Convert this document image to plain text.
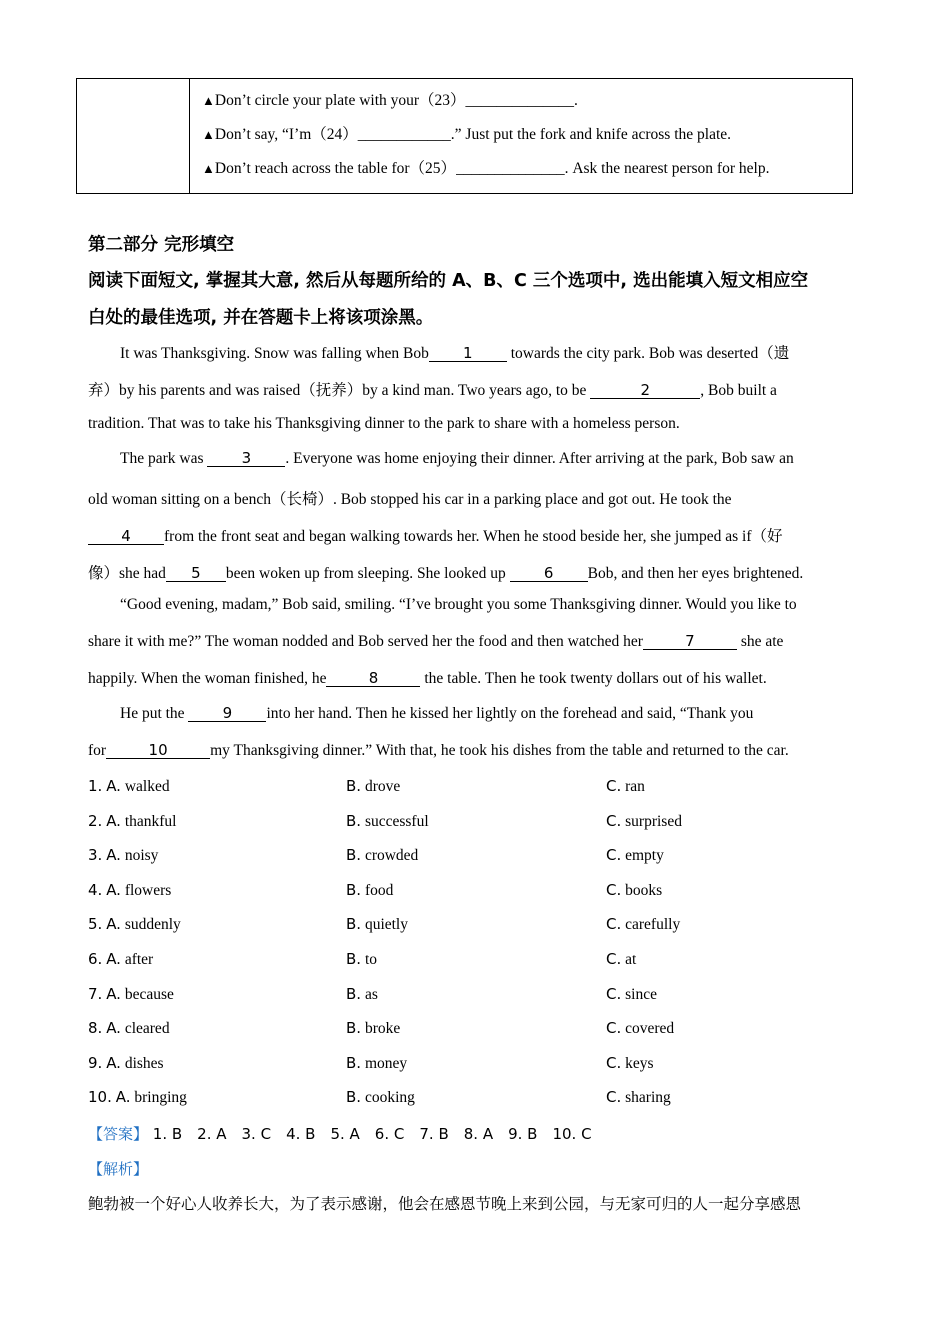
▲Don’t circle your plate with your（23）______________.
▲Don’t say, “I’m（24）____________.” Just put the fork and knife across the plate.
▲Don’t reach across the table for（25）______________. Ask the nearest person for help.
第二部分 完形填空
阅读下面短文, 掌握其大意, 然后从每题所给的 A、B、C 三个选项中, 选出能填入短文相应空
白处的最佳选项, 并在答题卡上将该项涂黑。
It was Thanksgiving. Snow was falling when Bob 1 towards the city park. Bob was deserted（遗
弃）by his parents and was raised（抚养）by a kind man. Two years ago, to be	2	, Bob built a
tradition. That was to take his Thanksgiving dinner to the park to share with a homeless person.
The park was 3 . Everyone was home enjoying their dinner. After arriving at the park, Bob saw an
old woman sitting on a bench（长椅）. Bob stopped his car in a parking place and got out. He took the
4 from the front seat and began walking towards her. When he stood beside her, she jumped as if（好
像）she had 5 been woken up from sleeping. She looked up 6 Bob, and then her eyes brightened.
“Good evening, madam,” Bob said, smiling. “I’ve brought you some Thanksgiving dinner. Would you like to
share it with me?” The woman nodded and Bob served her the food and then watched her	7	she ate
happily. When the woman finished, he	8	the table. Then he took twenty dollars out of his wallet.
He put the 9 into her hand. Then he kissed her lightly on the forehead and said, “Thank you
for	10	my Thanksgiving dinner.” With that, he took his dishes from the table and returned to the car.
1. A. walked	B. drove	C. ran
2. A. thankful	B. successful	C. surprised
3. A. noisy	B. crowded	C. empty
4. A. flowers	B. food	C. books
5. A. suddenly	B. quietly	C. carefully
6. A. after	B. to	C. at
7. A. because	B. as	C. since
8. A. cleared	B. broke	C. covered
9. A. dishes	B. money	C. keys
10. A. bringing	B. cooking	C. sharing
【答案】 1. B 2. A 3. C 4. B 5. A 6. C 7. B 8. A 9. B 10. C
【解析】
鲍勃被一个好心人收养长大，为了表示感谢，他会在感恩节晚上来到公园，与无家可归的人一起分享感恩
